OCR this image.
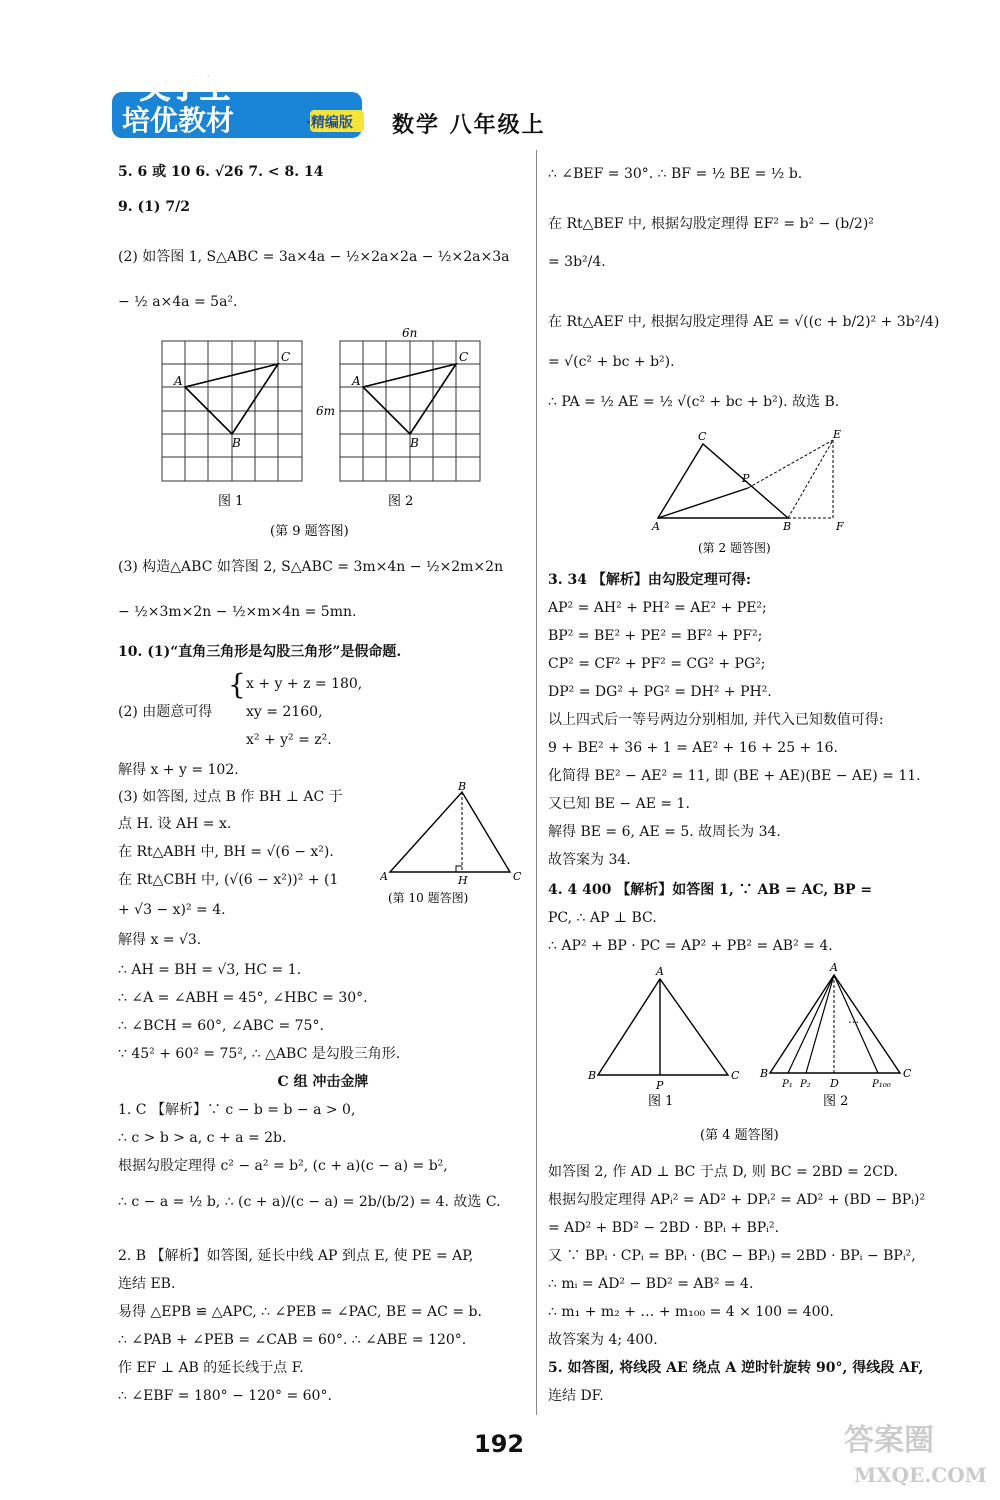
尖子生
培优教材	·精编版 数学 八年级上
5. 6 或 10 6. √26 7. < 8. 14
9. (1) 7/2
(2) 如答图 1, S△ABC = 3a×4a − ½×2a×2a − ½×2a×3a
− ½ a×4a = 5a².
A
C
B
6n
6m
A
C
B
图 1	图 2
(第 9 题答图)
(3) 构造△ABC 如答图 2, S△ABC = 3m×4n − ½×2m×2n
− ½×3m×2n − ½×m×4n = 5mn.
10. (1)“直角三角形是勾股三角形”是假命题.
(2) 由题意可得
{ x + y + z = 180,
xy = 2160,
x² + y² = z².
解得 x + y = 102.
(3) 如答图, 过点 B 作 BH ⊥ AC 于
点 H. 设 AH = x.
在 Rt△ABH 中, BH = √(6 − x²).
在 Rt△CBH 中, (√(6 − x²))² + (1
+ √3 − x)² = 4.
A
B
C
H
(第 10 题答图)
解得 x = √3.
∴ AH = BH = √3, HC = 1.
∴ ∠A = ∠ABH = 45°, ∠HBC = 30°.
∴ ∠BCH = 60°, ∠ABC = 75°.
∵ 45² + 60² = 75², ∴ △ABC 是勾股三角形.
C 组 冲击金牌
1. C 【解析】∵ c − b = b − a > 0,
∴ c > b > a, c + a = 2b.
根据勾股定理得 c² − a² = b², (c + a)(c − a) = b²,
∴ c − a = ½ b, ∴ (c + a)/(c − a) = 2b/(b/2) = 4. 故选 C.
2. B 【解析】如答图, 延长中线 AP 到点 E, 使 PE = AP,
连结 EB.
易得 △EPB ≌ △APC, ∴ ∠PEB = ∠PAC, BE = AC = b.
∴ ∠PAB + ∠PEB = ∠CAB = 60°. ∴ ∠ABE = 120°.
作 EF ⊥ AB 的延长线于点 F.
∴ ∠EBF = 180° − 120° = 60°.
∴ ∠BEF = 30°. ∴ BF = ½ BE = ½ b.
在 Rt△BEF 中, 根据勾股定理得 EF² = b² − (b/2)²
= 3b²/4.
在 Rt△AEF 中, 根据勾股定理得 AE = √((c + b/2)² + 3b²/4)
= √(c² + bc + b²).
∴ PA = ½ AE = ½ √(c² + bc + b²). 故选 B.
A
C
B
P
E
F
(第 2 题答图)
3. 34 【解析】由勾股定理可得:
AP² = AH² + PH² = AE² + PE²;
BP² = BE² + PE² = BF² + PF²;
CP² = CF² + PF² = CG² + PG²;
DP² = DG² + PG² = DH² + PH².
以上四式后一等号两边分别相加, 并代入已知数值可得:
9 + BE² + 36 + 1 = AE² + 16 + 25 + 16.
化简得 BE² − AE² = 11, 即 (BE + AE)(BE − AE) = 11.
又已知 BE − AE = 1.
解得 BE = 6, AE = 5. 故周长为 34.
故答案为 34.
4. 4 400 【解析】如答图 1, ∵ AB = AC, BP =
PC, ∴ AP ⊥ BC.
∴ AP² + BP · PC = AP² + PB² = AB² = 4.
A
B	C
P
…
A
B	C
P₁ P₂ D	P₁₀₀
图 1	图 2
(第 4 题答图)
如答图 2, 作 AD ⊥ BC 于点 D, 则 BC = 2BD = 2CD.
根据勾股定理得 APᵢ² = AD² + DPᵢ² = AD² + (BD − BPᵢ)²
= AD² + BD² − 2BD · BPᵢ + BPᵢ².
又 ∵ BPᵢ · CPᵢ = BPᵢ · (BC − BPᵢ) = 2BD · BPᵢ − BPᵢ²,
∴ mᵢ = AD² − BD² = AB² = 4.
∴ m₁ + m₂ + … + m₁₀₀ = 4 × 100 = 400.
故答案为 4; 400.
5. 如答图, 将线段 AE 绕点 A 逆时针旋转 90°, 得线段 AF,
连结 DF.
192	答案圈
MXQE.COM
